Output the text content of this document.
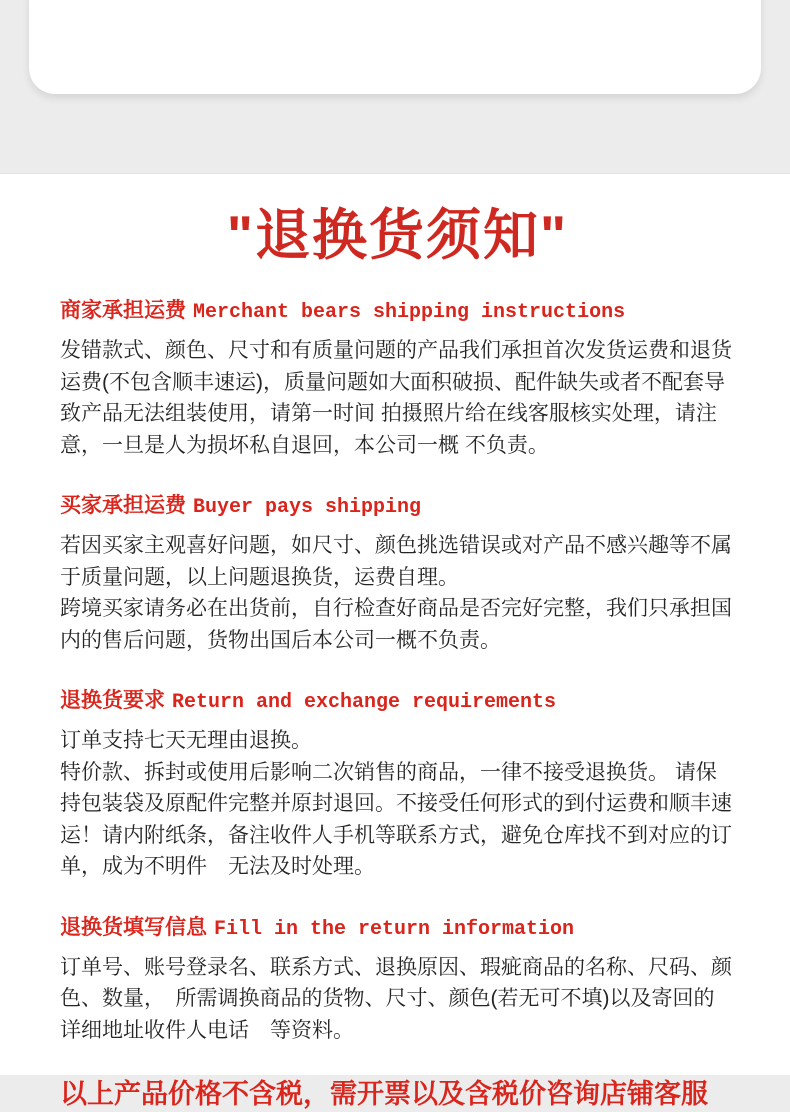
"退换货须知"
商家承担运费 Merchant bears shipping instructions

发错款式、颜色、尺寸和有质量问题的产品我们承担首次发货运费和退货运费(不包含顺丰速运)，质量问题如大面积破损、配件缺失或者不配套导致产品无法组装使用，请第一时间 拍摄照片给在线客服核实处理，请注意，一旦是人为损坏私自退回，本公司一概 不负责。

买家承担运费 Buyer pays shipping

若因买家主观喜好问题，如尺寸、颜色挑选错误或对产品不感兴趣等不属于质量问题，以上问题退换货，运费自理。

跨境买家请务必在出货前，自行检查好商品是否完好完整，我们只承担国内的售后问题，货物出国后本公司一概不负责。

退换货要求 Return and exchange requirements

订单支持七天无理由退换。

特价款、拆封或使用后影响二次销售的商品，一律不接受退换货。 请保持包装袋及原配件完整并原封退回。不接受任何形式的到付运费和顺丰速运！请内附纸条，备注收件人手机等联系方式，避免仓库找不到对应的订单，成为不明件　无法及时处理。

退换货填写信息 Fill in the return information

订单号、账号登录名、联系方式、退换原因、瑕疵商品的名称、尺码、颜色、数量，　所需调换商品的货物、尺寸、颜色(若无可不填)以及寄回的详细地址收件人电话　等资料。

以上产品价格不含税，需开票以及含税价咨询店铺客服
